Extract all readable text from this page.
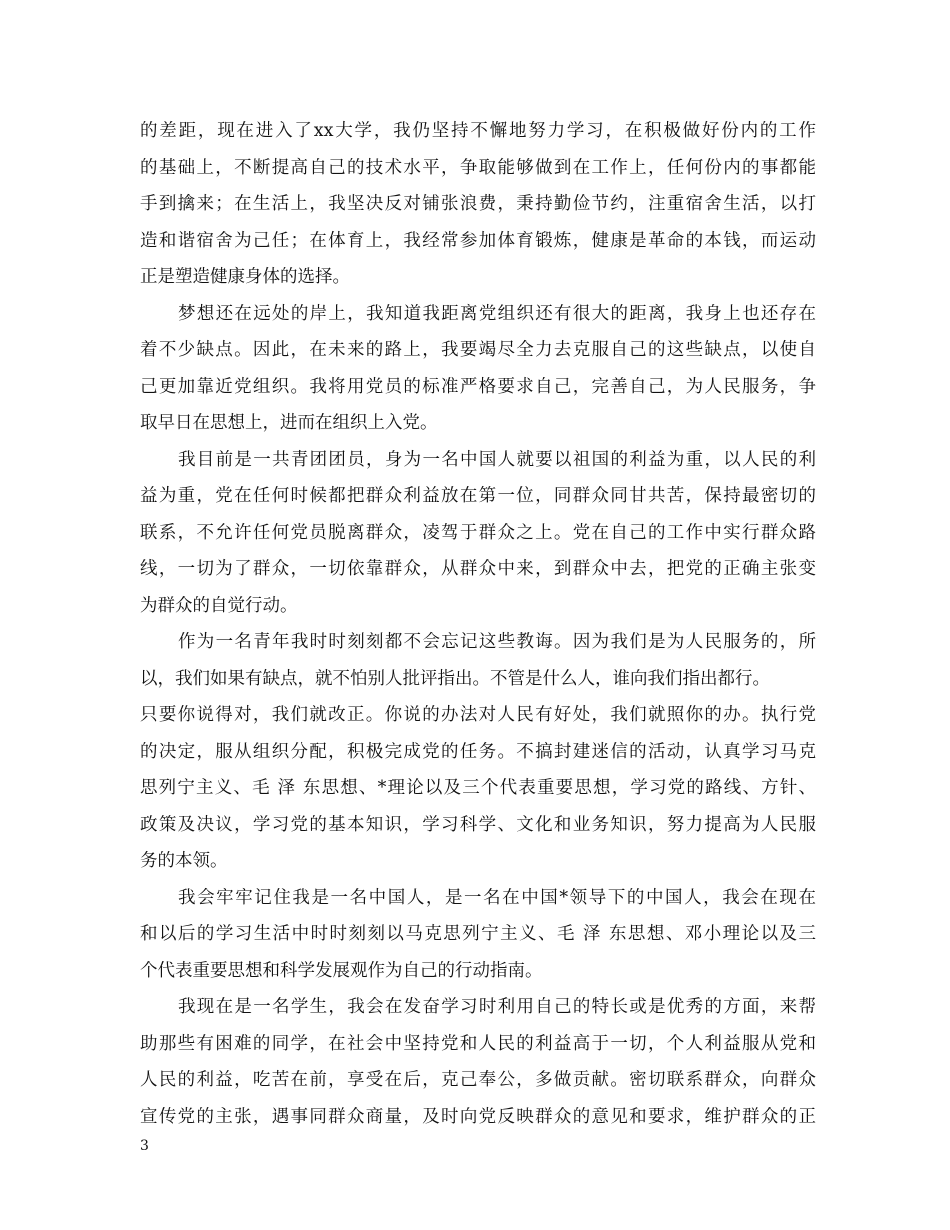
的差距，现在进入了xx大学，我仍坚持不懈地努力学习，在积极做好份内的工作
的基础上，不断提高自己的技术水平，争取能够做到在工作上，任何份内的事都能
手到擒来；在生活上，我坚决反对铺张浪费，秉持勤俭节约，注重宿舍生活，以打
造和谐宿舍为己任；在体育上，我经常参加体育锻炼，健康是革命的本钱，而运动
正是塑造健康身体的选择。
梦想还在远处的岸上，我知道我距离党组织还有很大的距离，我身上也还存在
着不少缺点。因此，在未来的路上，我要竭尽全力去克服自己的这些缺点，以使自
己更加靠近党组织。我将用党员的标准严格要求自己，完善自己，为人民服务，争
取早日在思想上，进而在组织上入党。
我目前是一共青团团员，身为一名中国人就要以祖国的利益为重，以人民的利
益为重，党在任何时候都把群众利益放在第一位，同群众同甘共苦，保持最密切的
联系，不允许任何党员脱离群众，凌驾于群众之上。党在自己的工作中实行群众路
线，一切为了群众，一切依靠群众，从群众中来，到群众中去，把党的正确主张变
为群众的自觉行动。
作为一名青年我时时刻刻都不会忘记这些教诲。因为我们是为人民服务的，所
以，我们如果有缺点，就不怕别人批评指出。不管是什么人，谁向我们指出都行。
只要你说得对，我们就改正。你说的办法对人民有好处，我们就照你的办。执行党
的决定，服从组织分配，积极完成党的任务。不搞封建迷信的活动，认真学习马克
思列宁主义、毛 泽 东思想、*理论以及三个代表重要思想，学习党的路线、方针、
政策及决议，学习党的基本知识，学习科学、文化和业务知识，努力提高为人民服
务的本领。
我会牢牢记住我是一名中国人，是一名在中国*领导下的中国人，我会在现在
和以后的学习生活中时时刻刻以马克思列宁主义、毛 泽 东思想、邓小理论以及三
个代表重要思想和科学发展观作为自己的行动指南。
我现在是一名学生，我会在发奋学习时利用自己的特长或是优秀的方面，来帮
助那些有困难的同学，在社会中坚持党和人民的利益高于一切，个人利益服从党和
人民的利益，吃苦在前，享受在后，克己奉公，多做贡献。密切联系群众，向群众
宣传党的主张，遇事同群众商量，及时向党反映群众的意见和要求，维护群众的正
3
